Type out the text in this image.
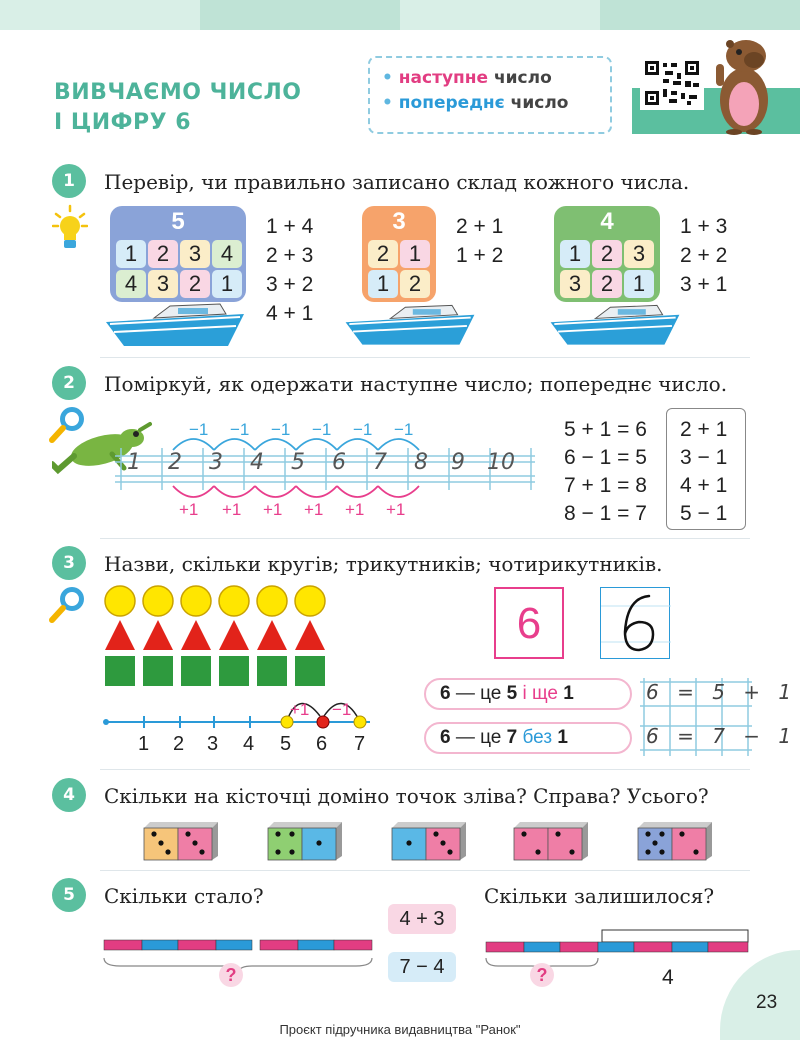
ВИВЧАЄМО ЧИСЛО
І ЦИФРУ 6
• наступне число
• попереднє число
1	Перевір, чи правильно записано склад кожного числа.
5
1 2 3 4
4 3 2 1
1 + 4
2 + 3
3 + 2
4 + 1
3
2 1
1 2
2 + 1
1 + 2
4
1 2 3
3 2 1
1 + 3
2 + 2
3 + 1
2	Поміркуй, як одержати наступне число; попереднє число.
1 2 3 4 5 6 7 8 9 10
−1 −1 −1 −1 −1 −1
+1 +1 +1 +1 +1 +1
5 + 1 = 6
6 − 1 = 5
7 + 1 = 8
8 − 1 = 7
2 + 1
3 − 1
4 + 1
5 − 1
3	Назви, скільки кругів; трикутників; чотирикутників.
+1 −1
1 2 3 4 5 6 7
6
6 — це 5 і ще 1
6 — це 7 без 1
6 = 5 + 1
6 = 7 − 1
4	Скільки на кісточці доміно точок зліва? Справа? Усього?
5	Скільки стало?	Скільки залишилося?
4 + 3
7 − 4
?	?	4
23
Проєкт підручника видавництва "Ранок"
